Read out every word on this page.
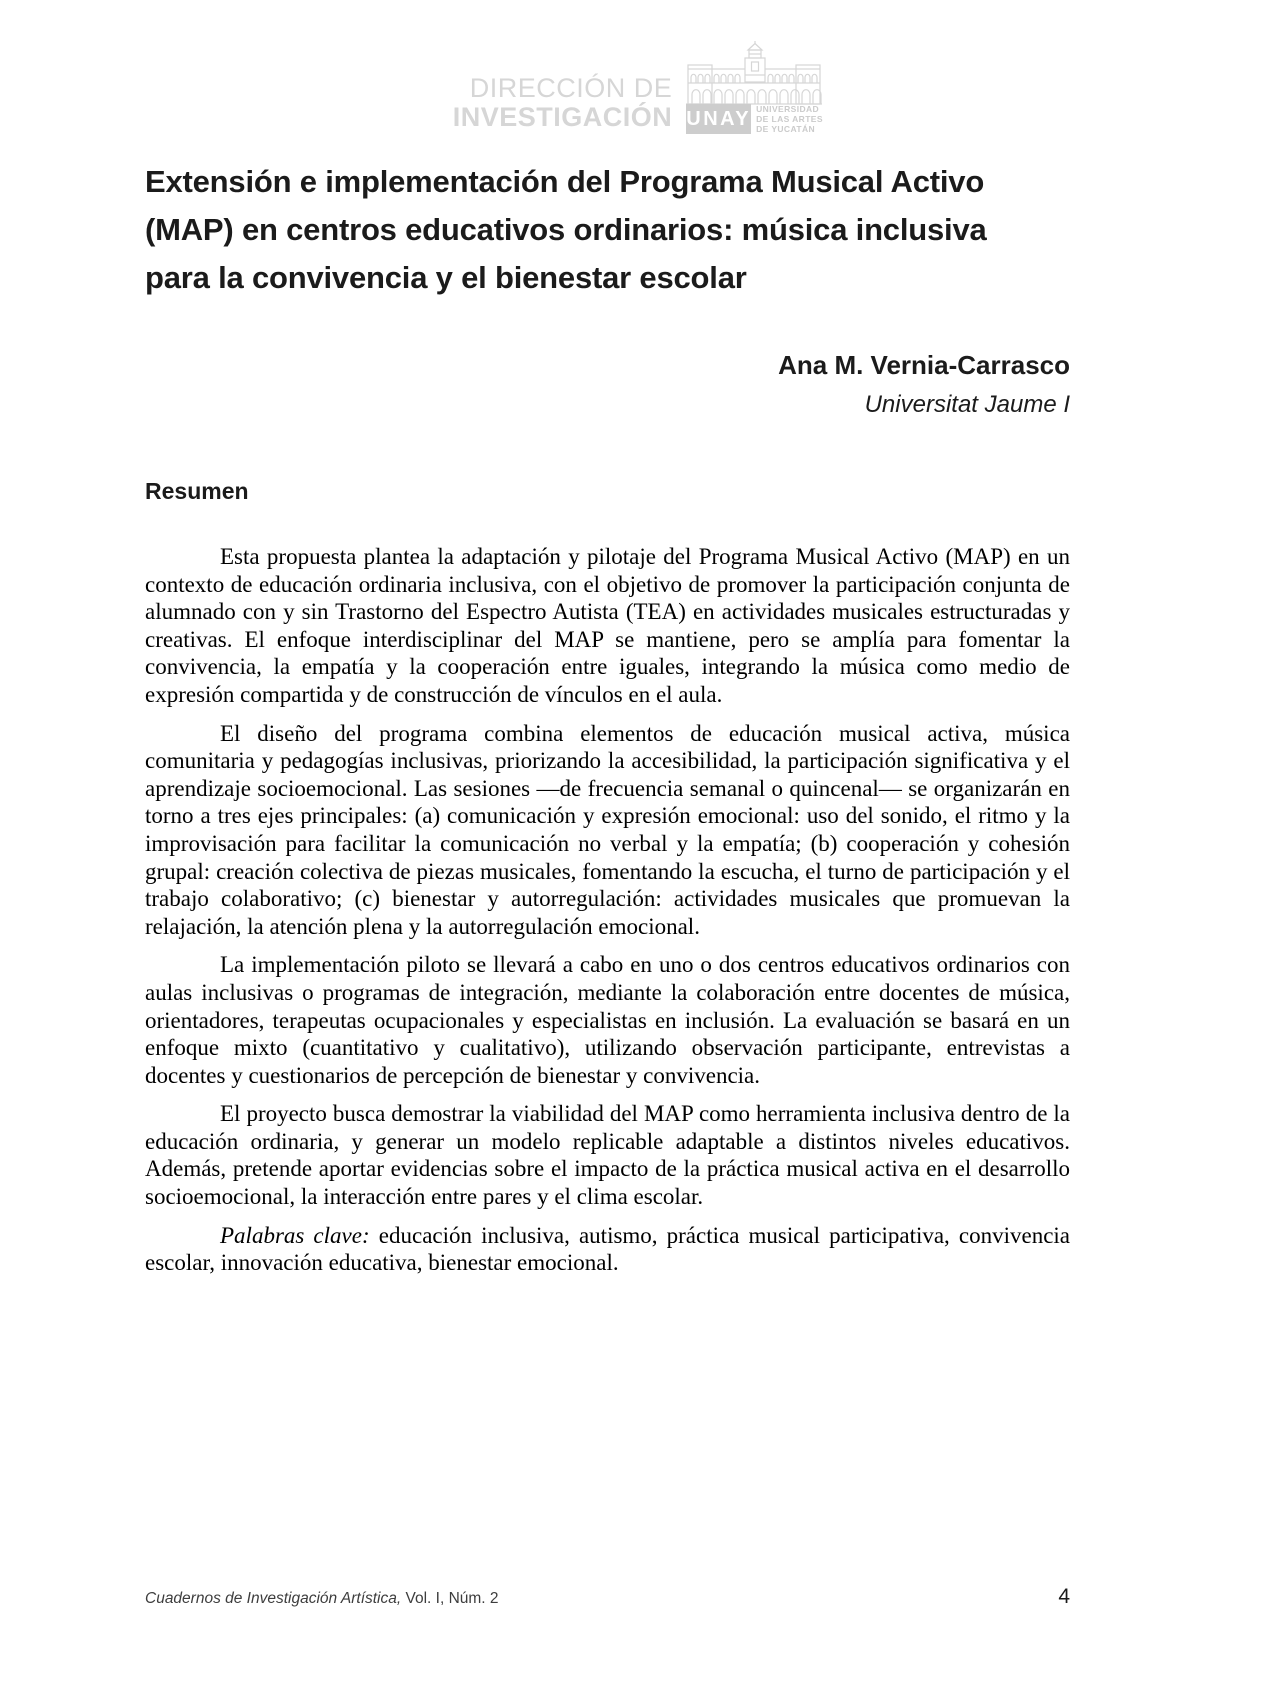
DIRECCIÓN DE
INVESTIGACIÓN UNAY UNIVERSIDAD
DE LAS ARTES
DE YUCATÁN
Extensión e implementación del Programa Musical Activo (MAP) en centros educativos ordinarios: música inclusiva para la convivencia y el bienestar escolar
Ana M. Vernia-Carrasco
Universitat Jaume I
Resumen

Esta propuesta plantea la adaptación y pilotaje del Programa Musical Activo (MAP) en un contexto de educación ordinaria inclusiva, con el objetivo de promover la participación conjunta de alumnado con y sin Trastorno del Espectro Autista (TEA) en actividades musicales estructuradas y creativas. El enfoque interdisciplinar del MAP se mantiene, pero se amplía para fomentar la convivencia, la empatía y la cooperación entre iguales, integrando la música como medio de expresión compartida y de construcción de vínculos en el aula.

El diseño del programa combina elementos de educación musical activa, música comunitaria y pedagogías inclusivas, priorizando la accesibilidad, la participación significativa y el aprendizaje socioemocional. Las sesiones —de frecuencia semanal o quincenal— se organizarán en torno a tres ejes principales: (a) comunicación y expresión emocional: uso del sonido, el ritmo y la improvisación para facilitar la comunicación no verbal y la empatía; (b) cooperación y cohesión grupal: creación colectiva de piezas musicales, fomentando la escucha, el turno de participación y el trabajo colaborativo; (c) bienestar y autorregulación: actividades musicales que promuevan la relajación, la atención plena y la autorregulación emocional.

La implementación piloto se llevará a cabo en uno o dos centros educativos ordinarios con aulas inclusivas o programas de integración, mediante la colaboración entre docentes de música, orientadores, terapeutas ocupacionales y especialistas en inclusión. La evaluación se basará en un enfoque mixto (cuantitativo y cualitativo), utilizando observación participante, entrevistas a docentes y cuestionarios de percepción de bienestar y convivencia.

El proyecto busca demostrar la viabilidad del MAP como herramienta inclusiva dentro de la educación ordinaria, y generar un modelo replicable adaptable a distintos niveles educativos. Además, pretende aportar evidencias sobre el impacto de la práctica musical activa en el desarrollo socioemocional, la interacción entre pares y el clima escolar.

Palabras clave: educación inclusiva, autismo, práctica musical participativa, convivencia escolar, innovación educativa, bienestar emocional.

Cuadernos de Investigación Artística, Vol. I, Núm. 2	4
